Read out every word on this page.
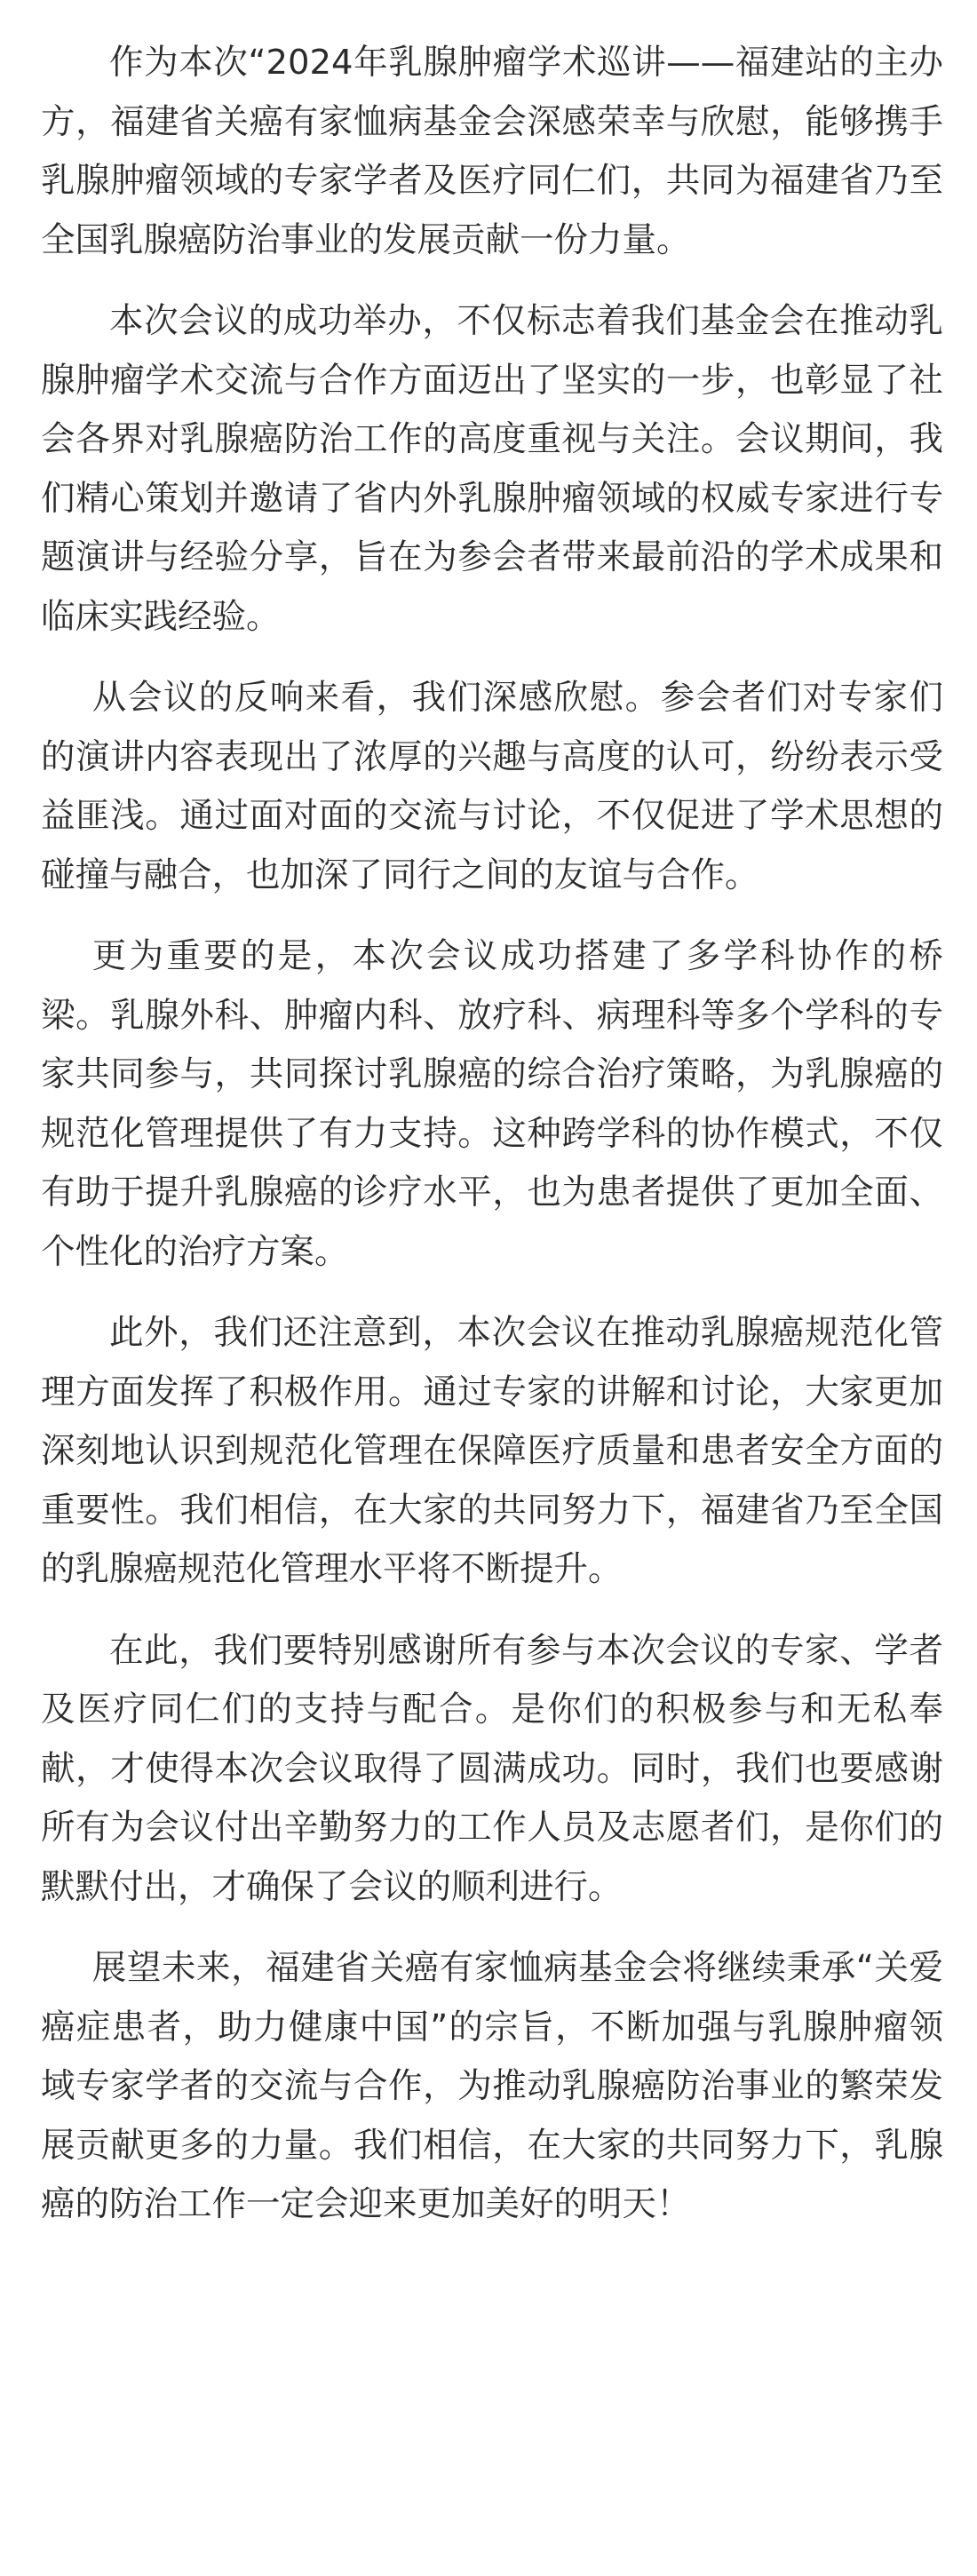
作为本次“2024年乳腺肿瘤学术巡讲——福建站的主办方，福建省关癌有家恤病基金会深感荣幸与欣慰，能够携手乳腺肿瘤领域的专家学者及医疗同仁们，共同为福建省乃至全国乳腺癌防治事业的发展贡献一份力量。

本次会议的成功举办，不仅标志着我们基金会在推动乳腺肿瘤学术交流与合作方面迈出了坚实的一步，也彰显了社会各界对乳腺癌防治工作的高度重视与关注。会议期间，我们精心策划并邀请了省内外乳腺肿瘤领域的权威专家进行专题演讲与经验分享，旨在为参会者带来最前沿的学术成果和临床实践经验。

从会议的反响来看，我们深感欣慰。参会者们对专家们的演讲内容表现出了浓厚的兴趣与高度的认可，纷纷表示受益匪浅。通过面对面的交流与讨论，不仅促进了学术思想的碰撞与融合，也加深了同行之间的友谊与合作。

更为重要的是，本次会议成功搭建了多学科协作的桥梁。乳腺外科、肿瘤内科、放疗科、病理科等多个学科的专家共同参与，共同探讨乳腺癌的综合治疗策略，为乳腺癌的规范化管理提供了有力支持。这种跨学科的协作模式，不仅有助于提升乳腺癌的诊疗水平，也为患者提供了更加全面、个性化的治疗方案。

此外，我们还注意到，本次会议在推动乳腺癌规范化管理方面发挥了积极作用。通过专家的讲解和讨论，大家更加深刻地认识到规范化管理在保障医疗质量和患者安全方面的重要性。我们相信，在大家的共同努力下，福建省乃至全国的乳腺癌规范化管理水平将不断提升。

在此，我们要特别感谢所有参与本次会议的专家、学者及医疗同仁们的支持与配合。是你们的积极参与和无私奉献，才使得本次会议取得了圆满成功。同时，我们也要感谢所有为会议付出辛勤努力的工作人员及志愿者们，是你们的默默付出，才确保了会议的顺利进行。

展望未来，福建省关癌有家恤病基金会将继续秉承“关爱癌症患者，助力健康中国”的宗旨，不断加强与乳腺肿瘤领域专家学者的交流与合作，为推动乳腺癌防治事业的繁荣发展贡献更多的力量。我们相信，在大家的共同努力下，乳腺癌的防治工作一定会迎来更加美好的明天！
